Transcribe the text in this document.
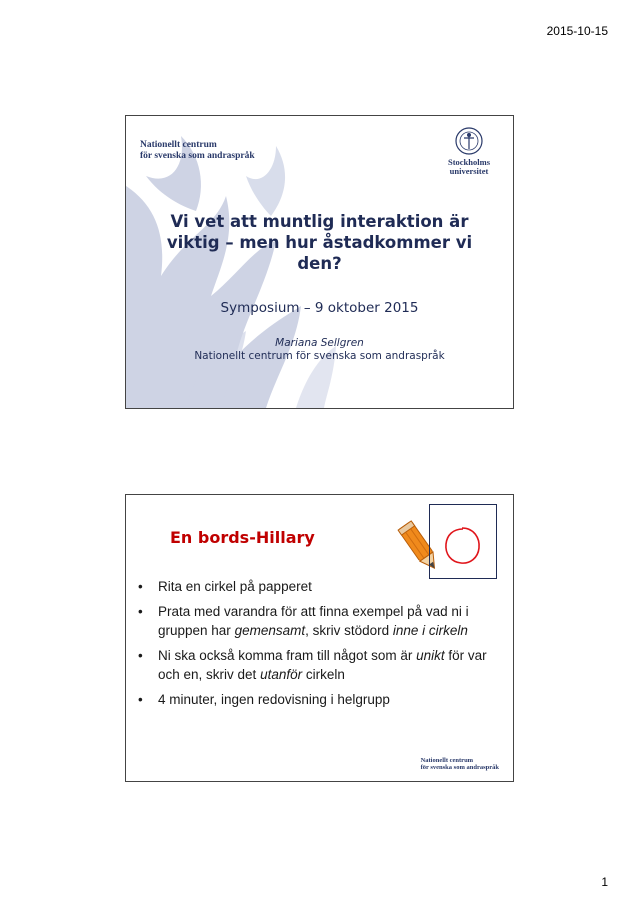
2015-10-15
Nationellt centrum
för svenska som andraspråk
Stockholms
universitet
Vi vet att muntlig interaktion är viktig – men hur åstadkommer vi den?
Symposium – 9 oktober 2015
Mariana Sellgren
Nationellt centrum för svenska som andraspråk
En bords-Hillary
• Rita en cirkel på papperet
• Prata med varandra för att finna exempel på vad ni i gruppen har gemensamt, skriv stödord inne i cirkeln
• Ni ska också komma fram till något som är unikt för var och en, skriv det utanför cirkeln
• 4 minuter, ingen redovisning i helgrupp
Nationellt centrum
för svenska som andraspråk
1
